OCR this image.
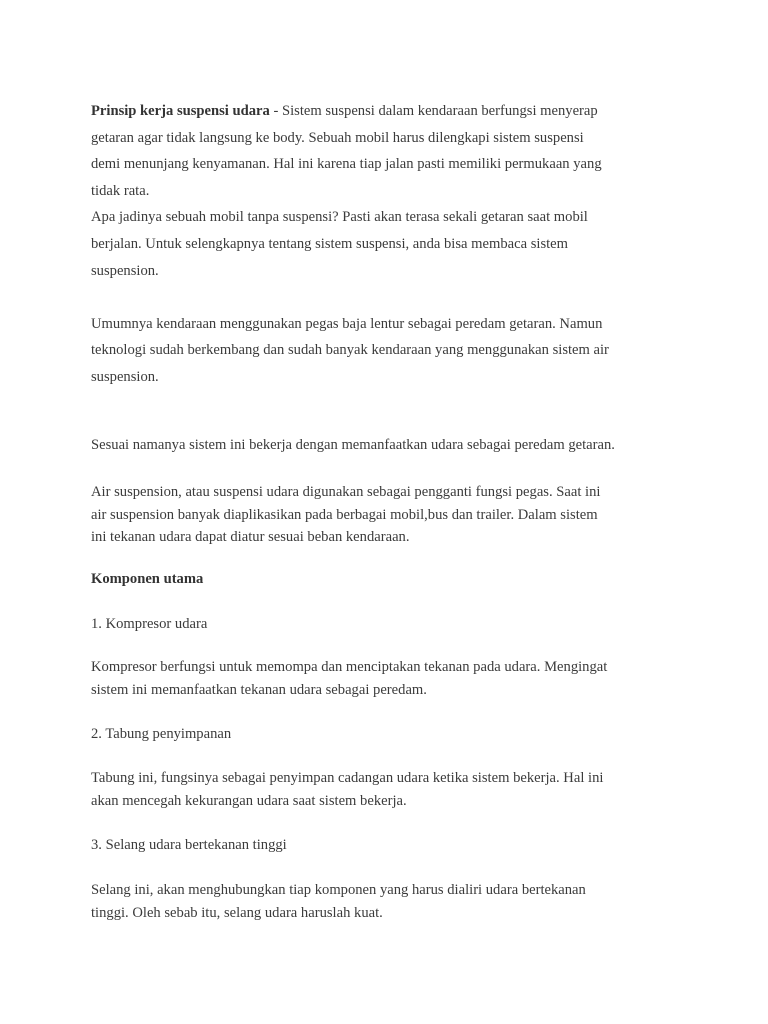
Prinsip kerja suspensi udara - Sistem suspensi dalam kendaraan berfungsi menyerap
getaran agar tidak langsung ke body. Sebuah mobil harus dilengkapi sistem suspensi
demi menunjang kenyamanan. Hal ini karena tiap jalan pasti memiliki permukaan yang
tidak rata.
Apa jadinya sebuah mobil tanpa suspensi? Pasti akan terasa sekali getaran saat mobil
berjalan. Untuk selengkapnya tentang sistem suspensi, anda bisa membaca sistem
suspension.

Umumnya kendaraan menggunakan pegas baja lentur sebagai peredam getaran. Namun
teknologi sudah berkembang dan sudah banyak kendaraan yang menggunakan sistem air
suspension.
Sesuai namanya sistem ini bekerja dengan memanfaatkan udara sebagai peredam getaran.
Air suspension, atau suspensi udara digunakan sebagai pengganti fungsi pegas. Saat ini
air suspension banyak diaplikasikan pada berbagai mobil,bus dan trailer. Dalam sistem
ini tekanan udara dapat diatur sesuai beban kendaraan.
Komponen utama
1. Kompresor udara
Kompresor berfungsi untuk memompa dan menciptakan tekanan pada udara. Mengingat
sistem ini memanfaatkan tekanan udara sebagai peredam.
2. Tabung penyimpanan
Tabung ini, fungsinya sebagai penyimpan cadangan udara ketika sistem bekerja. Hal ini
akan mencegah kekurangan udara saat sistem bekerja.
3. Selang udara bertekanan tinggi
Selang ini, akan menghubungkan tiap komponen yang harus dialiri udara bertekanan
tinggi. Oleh sebab itu, selang udara haruslah kuat.
